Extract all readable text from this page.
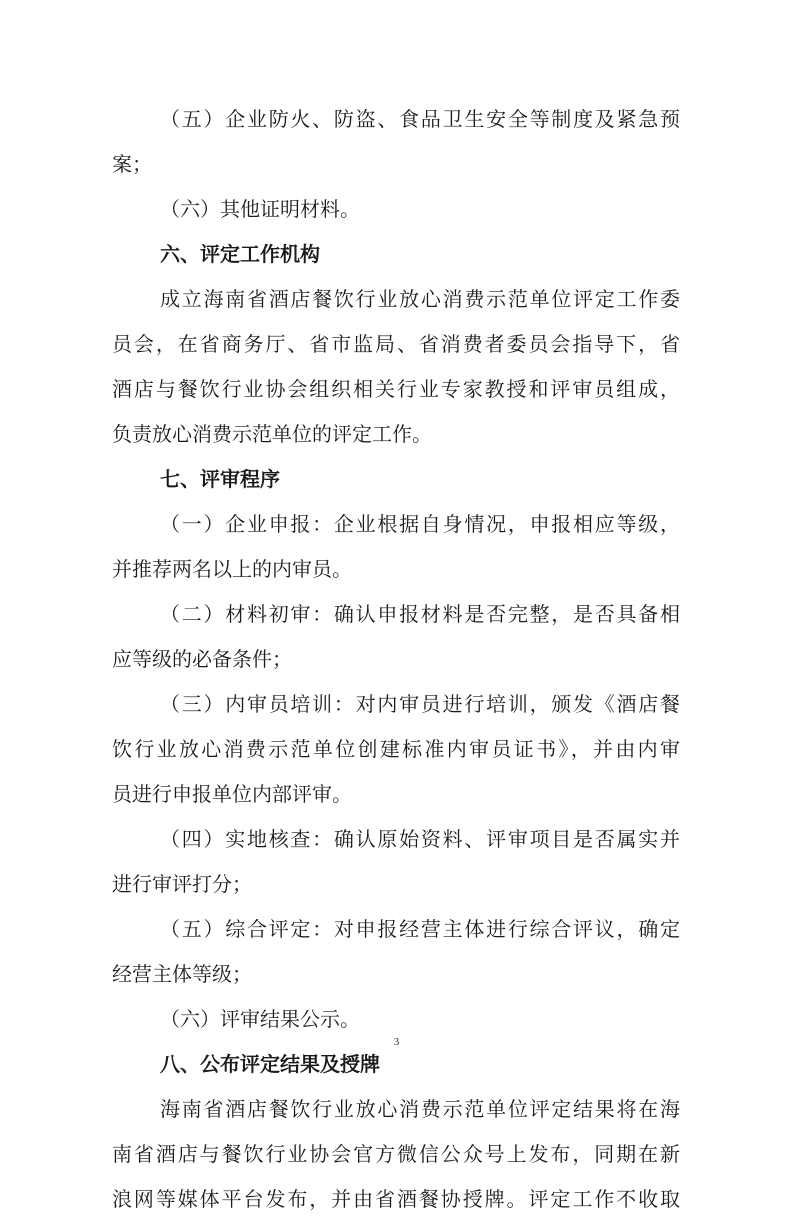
（五）企业防火、防盗、食品卫生安全等制度及紧急预
案；
（六）其他证明材料。
六、评定工作机构
成立海南省酒店餐饮行业放心消费示范单位评定工作委
员会，在省商务厅、省市监局、省消费者委员会指导下，省
酒店与餐饮行业协会组织相关行业专家教授和评审员组成，
负责放心消费示范单位的评定工作。
七、评审程序
（一）企业申报：企业根据自身情况，申报相应等级，
并推荐两名以上的内审员。
（二）材料初审：确认申报材料是否完整，是否具备相
应等级的必备条件；
（三）内审员培训：对内审员进行培训，颁发《酒店餐
饮行业放心消费示范单位创建标准内审员证书》，并由内审
员进行申报单位内部评审。
（四）实地核查：确认原始资料、评审项目是否属实并
进行审评打分；
（五）综合评定：对申报经营主体进行综合评议，确定
经营主体等级；
（六）评审结果公示。
八、公布评定结果及授牌
海南省酒店餐饮行业放心消费示范单位评定结果将在海
南省酒店与餐饮行业协会官方微信公众号上发布，同期在新
浪网等媒体平台发布，并由省酒餐协授牌。评定工作不收取
3
